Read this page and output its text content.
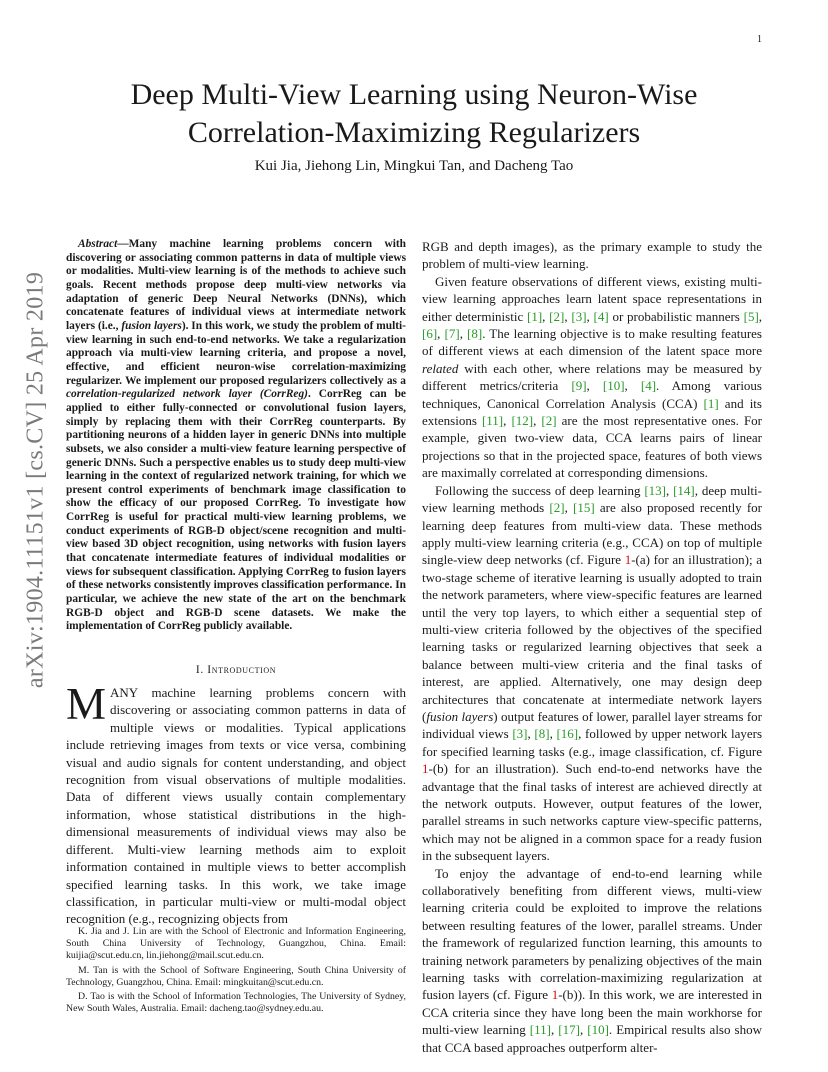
1
arXiv:1904.11151v1 [cs.CV] 25 Apr 2019
Deep Multi-View Learning using Neuron-Wise
Correlation-Maximizing Regularizers
Kui Jia, Jiehong Lin, Mingkui Tan, and Dacheng Tao

Abstract—Many machine learning problems concern with discovering or associating common patterns in data of multiple views or modalities. Multi-view learning is of the methods to achieve such goals. Recent methods propose deep multi-view networks via adaptation of generic Deep Neural Networks (DNNs), which concatenate features of individual views at intermediate network layers (i.e., fusion layers). In this work, we study the problem of multi-view learning in such end-to-end networks. We take a regularization approach via multi-view learning criteria, and propose a novel, effective, and efficient neuron-wise correlation-maximizing regularizer. We implement our proposed regularizers collectively as a correlation-regularized network layer (CorrReg). CorrReg can be applied to either fully-connected or convolutional fusion layers, simply by replacing them with their CorrReg counterparts. By partitioning neurons of a hidden layer in generic DNNs into multiple subsets, we also consider a multi-view feature learning perspective of generic DNNs. Such a perspective enables us to study deep multi-view learning in the context of regularized network training, for which we present control experiments of benchmark image classification to show the efficacy of our proposed CorrReg. To investigate how CorrReg is useful for practical multi-view learning problems, we conduct experiments of RGB-D object/scene recognition and multi-view based 3D object recognition, using networks with fusion layers that concatenate intermediate features of individual modalities or views for subsequent classification. Applying CorrReg to fusion layers of these networks consistently improves classification performance. In particular, we achieve the new state of the art on the benchmark RGB-D object and RGB-D scene datasets. We make the implementation of CorrReg publicly available.

I. Introduction

MANY machine learning problems concern with discovering or associating common patterns in data of multiple views or modalities. Typical applications include retrieving images from texts or vice versa, combining visual and audio signals for content understanding, and object recognition from visual observations of multiple modalities. Data of different views usually contain complementary information, whose statistical distributions in the high-dimensional measurements of individual views may also be different. Multi-view learning methods aim to exploit information contained in multiple views to better accomplish specified learning tasks. In this work, we take image classification, in particular multi-view or multi-modal object recognition (e.g., recognizing objects from

RGB and depth images), as the primary example to study the problem of multi-view learning.

Given feature observations of different views, existing multi-view learning approaches learn latent space representations in either deterministic [1], [2], [3], [4] or probabilistic manners [5], [6], [7], [8]. The learning objective is to make resulting features of different views at each dimension of the latent space more related with each other, where relations may be measured by different metrics/criteria [9], [10], [4]. Among various techniques, Canonical Correlation Analysis (CCA) [1] and its extensions [11], [12], [2] are the most representative ones. For example, given two-view data, CCA learns pairs of linear projections so that in the projected space, features of both views are maximally correlated at corresponding dimensions.

Following the success of deep learning [13], [14], deep multi-view learning methods [2], [15] are also proposed recently for learning deep features from multi-view data. These methods apply multi-view learning criteria (e.g., CCA) on top of multiple single-view deep networks (cf. Figure 1-(a) for an illustration); a two-stage scheme of iterative learning is usually adopted to train the network parameters, where view-specific features are learned until the very top layers, to which either a sequential step of multi-view criteria followed by the objectives of the specified learning tasks or regularized learning objectives that seek a balance between multi-view criteria and the final tasks of interest, are applied. Alternatively, one may design deep architectures that concatenate at intermediate network layers (fusion layers) output features of lower, parallel layer streams for individual views [3], [8], [16], followed by upper network layers for specified learning tasks (e.g., image classification, cf. Figure 1-(b) for an illustration). Such end-to-end networks have the advantage that the final tasks of interest are achieved directly at the network outputs. However, output features of the lower, parallel streams in such networks capture view-specific patterns, which may not be aligned in a common space for a ready fusion in the subsequent layers.

To enjoy the advantage of end-to-end learning while collaboratively benefiting from different views, multi-view learning criteria could be exploited to improve the relations between resulting features of the lower, parallel streams. Under the framework of regularized function learning, this amounts to training network parameters by penalizing objectives of the main learning tasks with correlation-maximizing regularization at fusion layers (cf. Figure 1-(b)). In this work, we are interested in CCA criteria since they have long been the main workhorse for multi-view learning [11], [17], [10]. Empirical results also show that CCA based approaches outperform alter-

K. Jia and J. Lin are with the School of Electronic and Information Engineering, South China University of Technology, Guangzhou, China. Email: kuijia@scut.edu.cn, lin.jiehong@mail.scut.edu.cn.

M. Tan is with the School of Software Engineering, South China University of Technology, Guangzhou, China. Email: mingkuitan@scut.edu.cn.

D. Tao is with the School of Information Technologies, The University of Sydney, New South Wales, Australia. Email: dacheng.tao@sydney.edu.au.
